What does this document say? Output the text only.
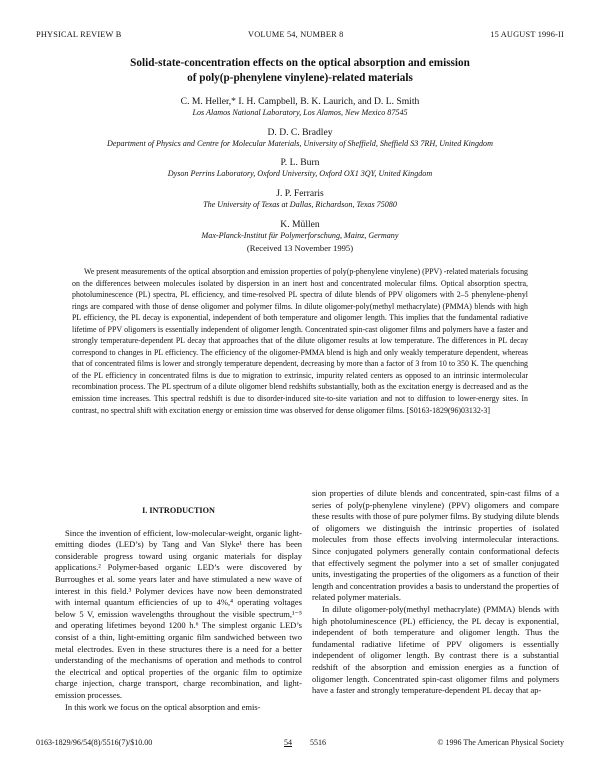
PHYSICAL REVIEW B	VOLUME 54, NUMBER 8	15 AUGUST 1996-II
Solid-state-concentration effects on the optical absorption and emission
of poly(p-phenylene vinylene)-related materials
C. M. Heller,* I. H. Campbell, B. K. Laurich, and D. L. Smith
Los Alamos National Laboratory, Los Alamos, New Mexico 87545
D. D. C. Bradley
Department of Physics and Centre for Molecular Materials, University of Sheffield, Sheffield S3 7RH, United Kingdom
P. L. Burn
Dyson Perrins Laboratory, Oxford University, Oxford OX1 3QY, United Kingdom
J. P. Ferraris
The University of Texas at Dallas, Richardson, Texas 75080
K. Müllen
Max-Planck-Institut für Polymerforschung, Mainz, Germany
(Received 13 November 1995)

We present measurements of the optical absorption and emission properties of poly(p-phenylene vinylene) (PPV) -related materials focusing on the differences between molecules isolated by dispersion in an inert host and concentrated molecular films. Optical absorption spectra, photoluminescence (PL) spectra, PL efficiency, and time-resolved PL spectra of dilute blends of PPV oligomers with 2–5 phenylene-phenyl rings are compared with those of dense oligomer and polymer films. In dilute oligomer-poly(methyl methacrylate) (PMMA) blends with high PL efficiency, the PL decay is exponential, independent of both temperature and oligomer length. This implies that the fundamental radiative lifetime of PPV oligomers is essentially independent of oligomer length. Concentrated spin-cast oligomer films and polymers have a faster and strongly temperature-dependent PL decay that approaches that of the dilute oligomer results at low temperature. The differences in PL decay correspond to changes in PL efficiency. The efficiency of the oligomer-PMMA blend is high and only weakly temperature dependent, whereas that of concentrated films is lower and strongly temperature dependent, decreasing by more than a factor of 3 from 10 to 350 K. The quenching of the PL efficiency in concentrated films is due to migration to extrinsic, impurity related centers as opposed to an intrinsic intermolecular recombination process. The PL spectrum of a dilute oligomer blend redshifts substantially, both as the excitation energy is decreased and as the emission time increases. This spectral redshift is due to disorder-induced site-to-site variation and not to diffusion to lower-energy sites. In contrast, no spectral shift with excitation energy or emission time was observed for dense oligomer films. [S0163-1829(96)03132-3]

I. INTRODUCTION

Since the invention of efficient, low-molecular-weight, organic light-emitting diodes (LED’s) by Tang and Van Slyke¹ there has been considerable progress toward using organic materials for display applications.² Polymer-based organic LED’s were discovered by Burroughes et al. some years later and have stimulated a new wave of interest in this field.³ Polymer devices have now been demonstrated with internal quantum efficiencies of up to 4%,⁴ operating voltages below 5 V, emission wavelengths throughout the visible spectrum,¹⁻⁵ and operating lifetimes beyond 1200 h.⁶ The simplest organic LED’s consist of a thin, light-emitting organic film sandwiched between two metal electrodes. Even in these structures there is a need for a better understanding of the mechanisms of operation and methods to control the electrical and optical properties of the organic film to optimize charge injection, charge transport, charge recombination, and light-emission processes.

In this work we focus on the optical absorption and emis-

sion properties of dilute blends and concentrated, spin-cast films of a series of poly(p-phenylene vinylene) (PPV) oligomers and compare these results with those of pure polymer films. By studying dilute blends of oligomers we distinguish the intrinsic properties of isolated molecules from those effects involving intermolecular interactions. Since conjugated polymers generally contain conformational defects that effectively segment the polymer into a set of smaller conjugated units, investigating the properties of the oligomers as a function of their length and concentration provides a basis to understand the properties of related polymer materials.

In dilute oligomer-poly(methyl methacrylate) (PMMA) blends with high photoluminescence (PL) efficiency, the PL decay is exponential, independent of both temperature and oligomer length. Thus the fundamental radiative lifetime of PPV oligomers is essentially independent of oligomer length. By contrast there is a substantial redshift of the absorption and emission energies as a function of oligomer length. Concentrated spin-cast oligomer films and polymers have a faster and strongly temperature-dependent PL decay that ap-

0163-1829/96/54(8)/5516(7)/$10.00	54 5516	© 1996 The American Physical Society
